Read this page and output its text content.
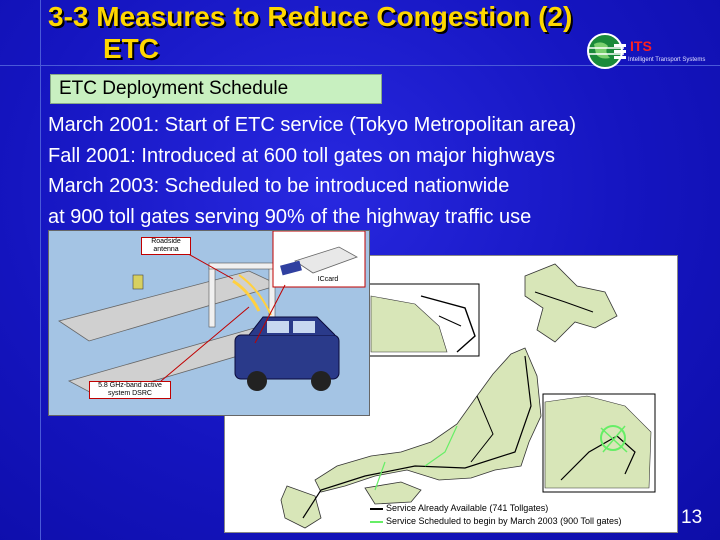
3-3 Measures to Reduce Congestion (2)
ETC	ITS
Intelligent Transport Systems
ETC Deployment Schedule
March 2001: Start of ETC service (Tokyo Metropolitan area)
Fall 2001: Introduced at 600 toll gates on major highways
March 2003: Scheduled to be introduced nationwide
at 900 toll gates serving 90% of the highway traffic use
Roadside antenna
ICcard
5.8 GHz-band active system DSRC
Service Already Available (741 Tollgates)
Service Scheduled to begin by March 2003 (900 Toll gates)	13
